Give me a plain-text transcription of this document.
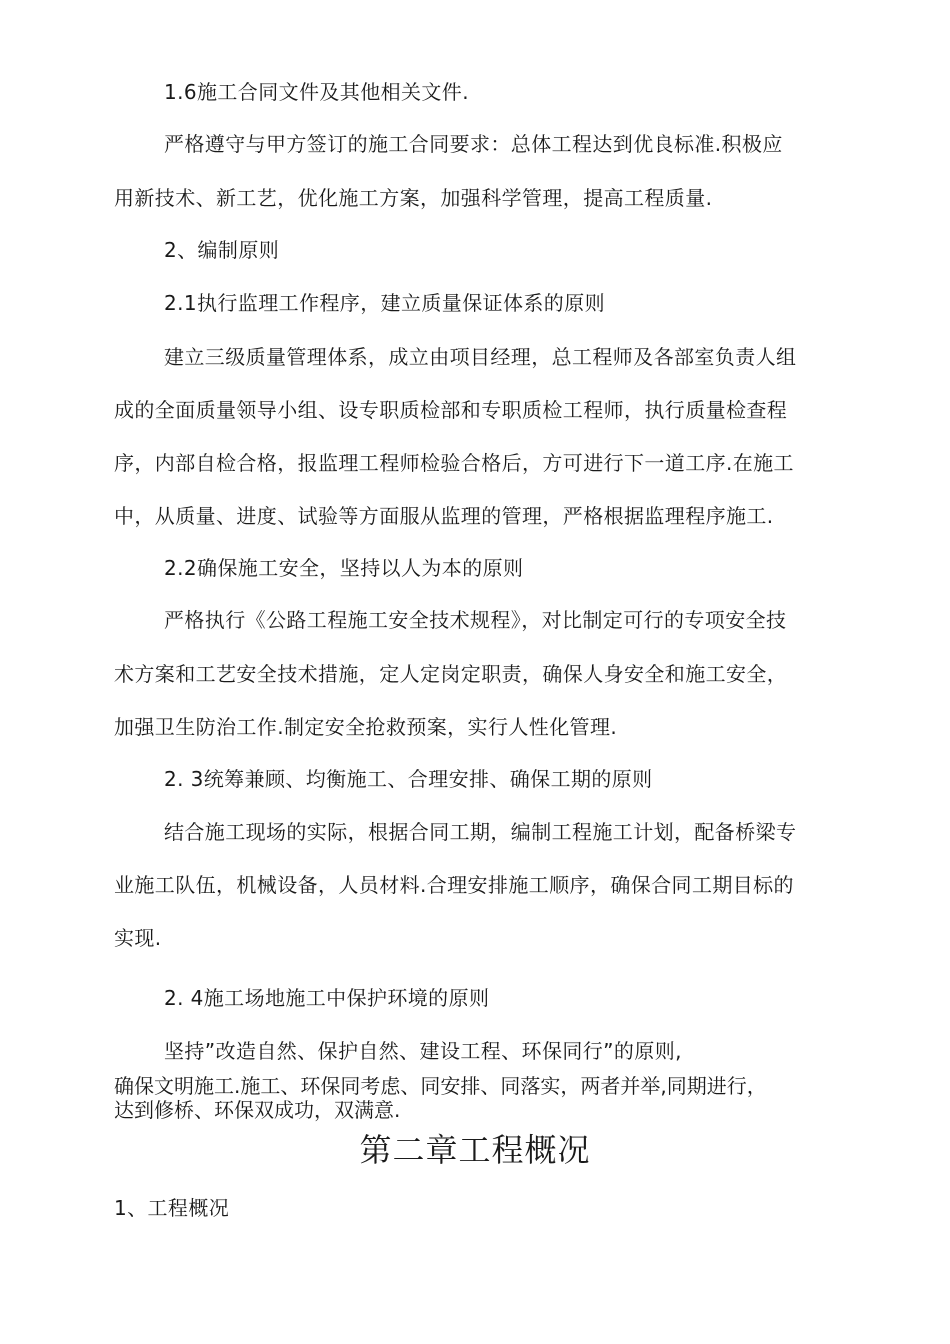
1.6施工合同文件及其他相关文件.
严格遵守与甲方签订的施工合同要求：总体工程达到优良标准.积极应
用新技术、新工艺，优化施工方案，加强科学管理，提高工程质量.
2、编制原则
2.1执行监理工作程序，建立质量保证体系的原则
建立三级质量管理体系，成立由项目经理，总工程师及各部室负责人组
成的全面质量领导小组、设专职质检部和专职质检工程师，执行质量检查程
序，内部自检合格，报监理工程师检验合格后，方可进行下一道工序.在施工
中，从质量、进度、试验等方面服从监理的管理，严格根据监理程序施工.
2.2确保施工安全，坚持以人为本的原则
严格执行《公路工程施工安全技术规程》，对比制定可行的专项安全技
术方案和工艺安全技术措施，定人定岗定职责，确保人身安全和施工安全，
加强卫生防治工作.制定安全抢救预案，实行人性化管理.
2. 3统筹兼顾、均衡施工、合理安排、确保工期的原则
结合施工现场的实际，根据合同工期，编制工程施工计划，配备桥梁专
业施工队伍，机械设备，人员材料.合理安排施工顺序，确保合同工期目标的
实现.
2. 4施工场地施工中保护环境的原则
坚持”改造自然、保护自然、建设工程、环保同行”的原则,
确保文明施工.施工、环保同考虑、同安排、同落实，两者并举,同期进行，
达到修桥、环保双成功，双满意.
第二章工程概况
1、工程概况
